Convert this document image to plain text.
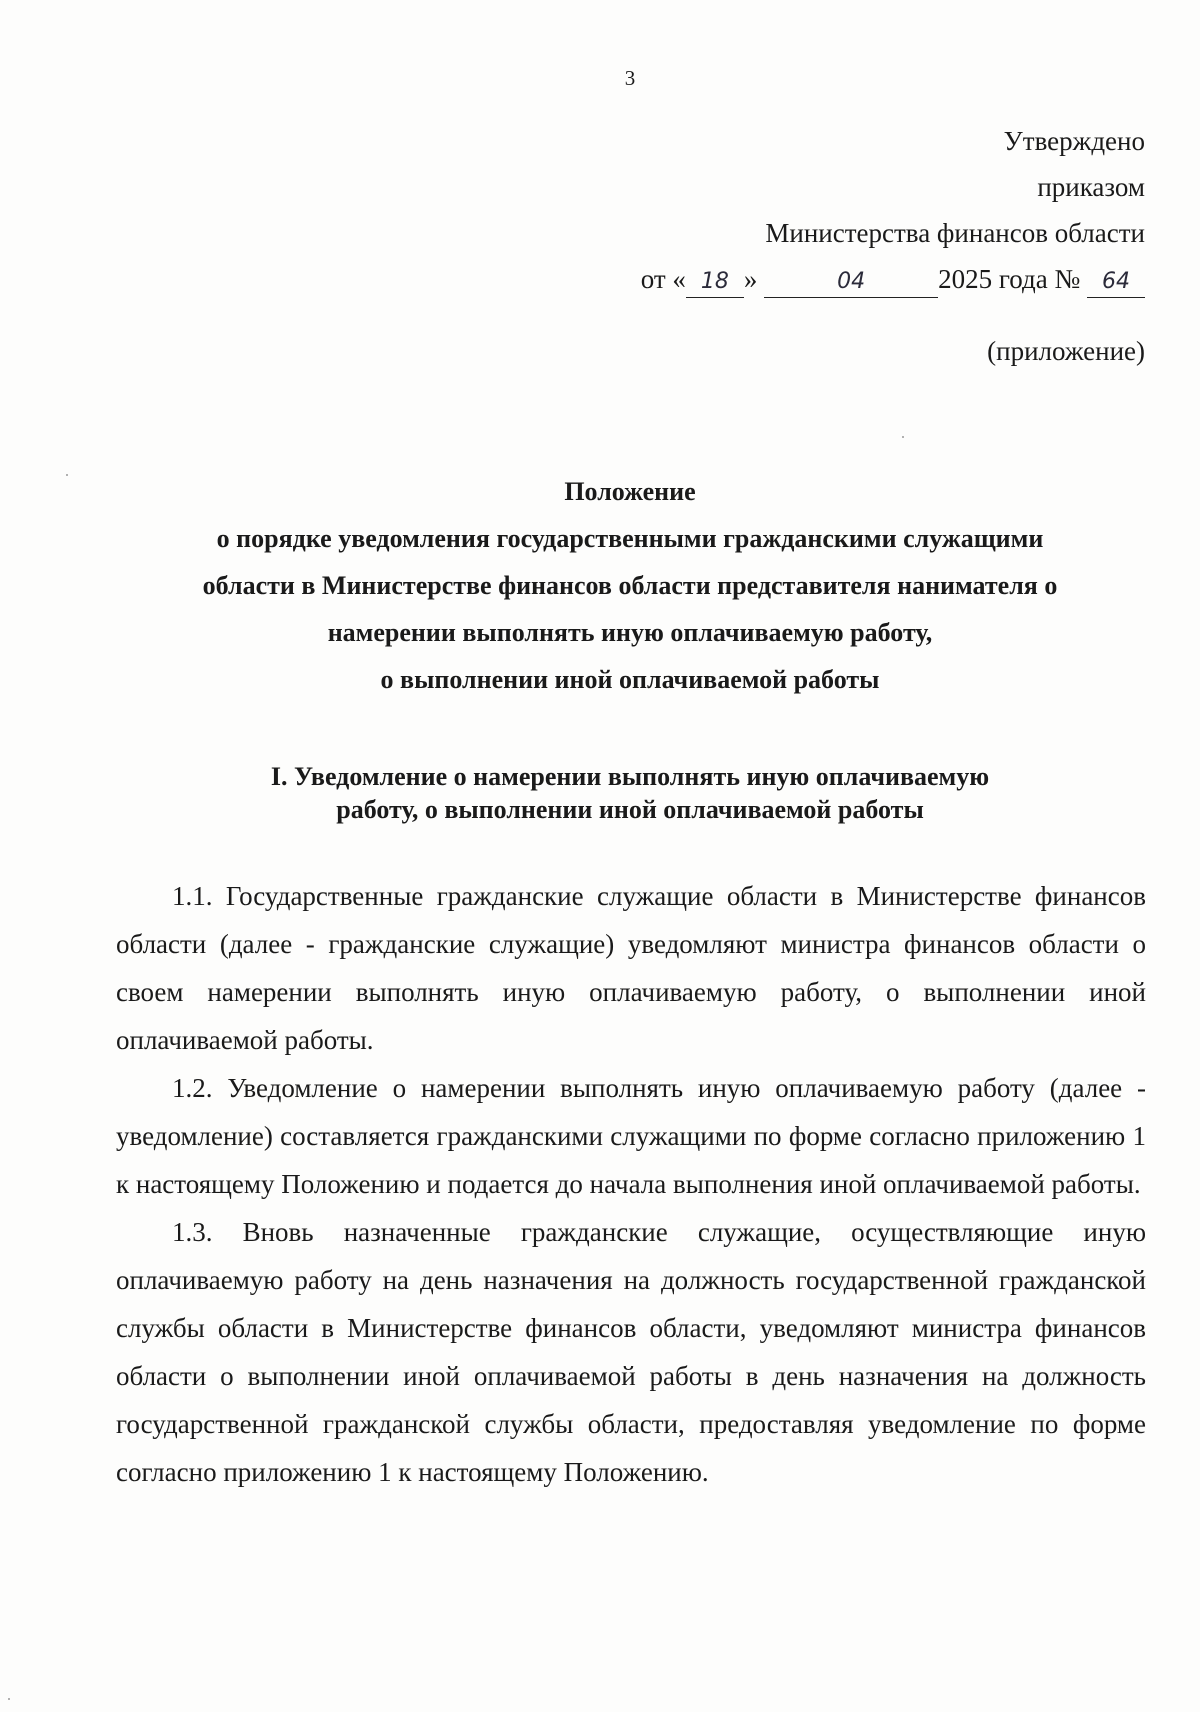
3
Утверждено
приказом
Министерства финансов области
от « 18 »	04	2025 года № 64
(приложение)
Положение
о порядке уведомления государственными гражданскими служащими
области в Министерстве финансов области представителя нанимателя о
намерении выполнять иную оплачиваемую работу,
о выполнении иной оплачиваемой работы
I. Уведомление о намерении выполнять иную оплачиваемую
работу, о выполнении иной оплачиваемой работы

1.1. Государственные гражданские служащие области в Министерстве финансов области (далее - гражданские служащие) уведомляют министра финансов области о своем намерении выполнять иную оплачиваемую работу, о выполнении иной оплачиваемой работы.

1.2. Уведомление о намерении выполнять иную оплачиваемую работу (далее - уведомление) составляется гражданскими служащими по форме согласно приложению 1 к настоящему Положению и подается до начала выполнения иной оплачиваемой работы.

1.3. Вновь назначенные гражданские служащие, осуществляющие иную оплачиваемую работу на день назначения на должность государственной гражданской службы области в Министерстве финансов области, уведомляют министра финансов области о выполнении иной оплачиваемой работы в день назначения на должность государственной гражданской службы области, предоставляя уведомление по форме согласно приложению 1 к настоящему Положению.
